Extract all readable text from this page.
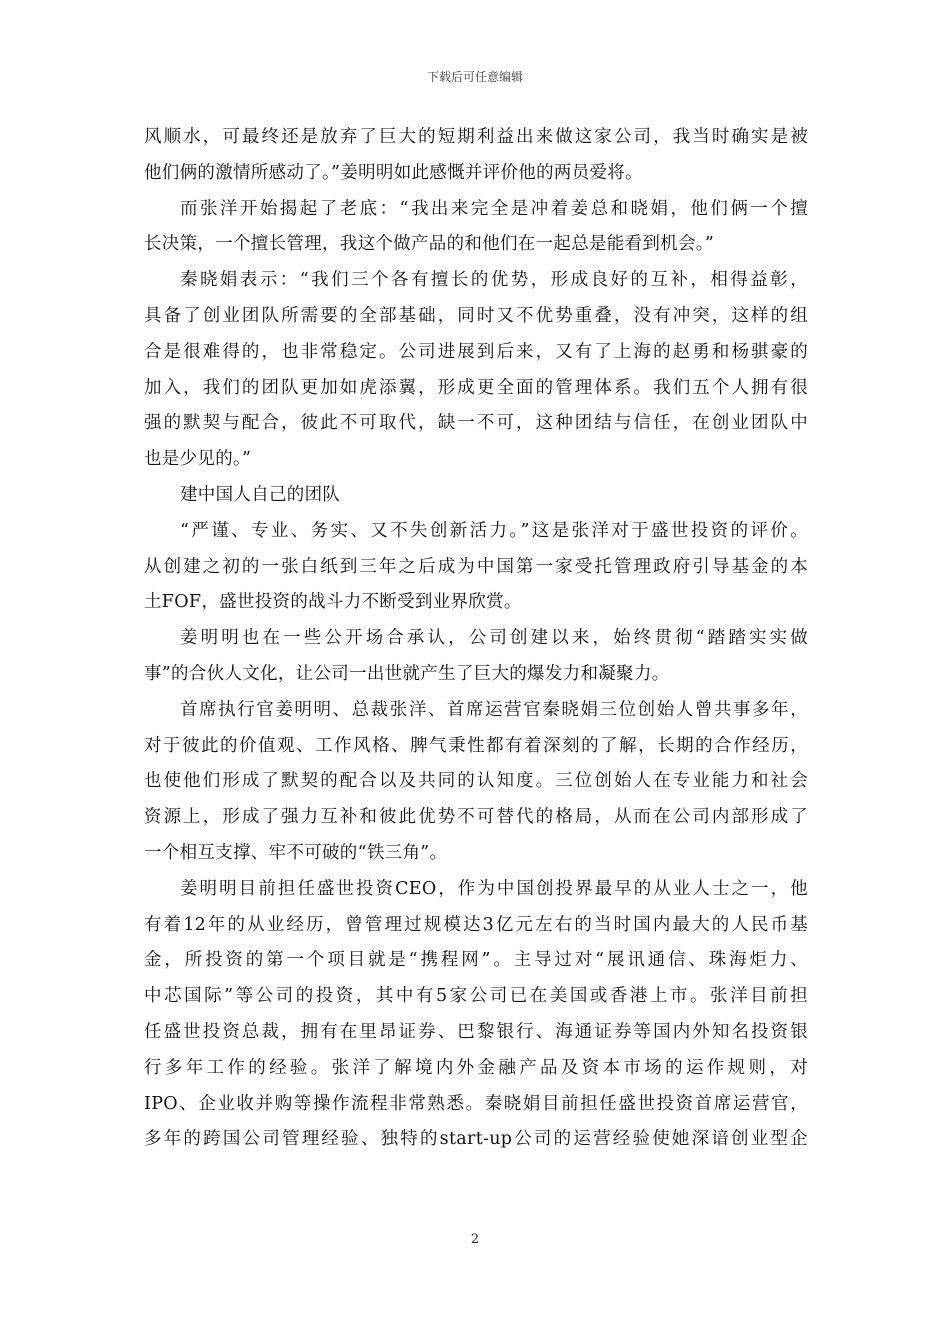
下载后可任意编辑
风顺水，可最终还是放弃了巨大的短期利益出来做这家公司，我当时确实是被
他们俩的激情所感动了。”姜明明如此感慨并评价他的两员爱将。
而张洋开始揭起了老底：“我出来完全是冲着姜总和晓娟，他们俩一个擅
长决策，一个擅长管理，我这个做产品的和他们在一起总是能看到机会。”
秦晓娟表示：“我们三个各有擅长的优势，形成良好的互补，相得益彰，
具备了创业团队所需要的全部基础，同时又不优势重叠，没有冲突，这样的组
合是很难得的，也非常稳定。公司进展到后来，又有了上海的赵勇和杨骐豪的
加入，我们的团队更加如虎添翼，形成更全面的管理体系。我们五个人拥有很
强的默契与配合，彼此不可取代，缺一不可，这种团结与信任，在创业团队中
也是少见的。”
建中国人自己的团队
“严谨、专业、务实、又不失创新活力。”这是张洋对于盛世投资的评价。
从创建之初的一张白纸到三年之后成为中国第一家受托管理政府引导基金的本
土FOF，盛世投资的战斗力不断受到业界欣赏。
姜明明也在一些公开场合承认，公司创建以来，始终贯彻“踏踏实实做
事”的合伙人文化，让公司一出世就产生了巨大的爆发力和凝聚力。
首席执行官姜明明、总裁张洋、首席运营官秦晓娟三位创始人曾共事多年，
对于彼此的价值观、工作风格、脾气秉性都有着深刻的了解，长期的合作经历，
也使他们形成了默契的配合以及共同的认知度。三位创始人在专业能力和社会
资源上，形成了强力互补和彼此优势不可替代的格局，从而在公司内部形成了
一个相互支撑、牢不可破的“铁三角”。
姜明明目前担任盛世投资CEO，作为中国创投界最早的从业人士之一，他
有着12年的从业经历，曾管理过规模达3亿元左右的当时国内最大的人民币基
金，所投资的第一个项目就是“携程网”。主导过对“展讯通信、珠海炬力、
中芯国际”等公司的投资，其中有5家公司已在美国或香港上市。张洋目前担
任盛世投资总裁，拥有在里昂证券、巴黎银行、海通证券等国内外知名投资银
行多年工作的经验。张洋了解境内外金融产品及资本市场的运作规则，对
IPO、企业收并购等操作流程非常熟悉。秦晓娟目前担任盛世投资首席运营官，
多年的跨国公司管理经验、独特的start-up公司的运营经验使她深谙创业型企
2
